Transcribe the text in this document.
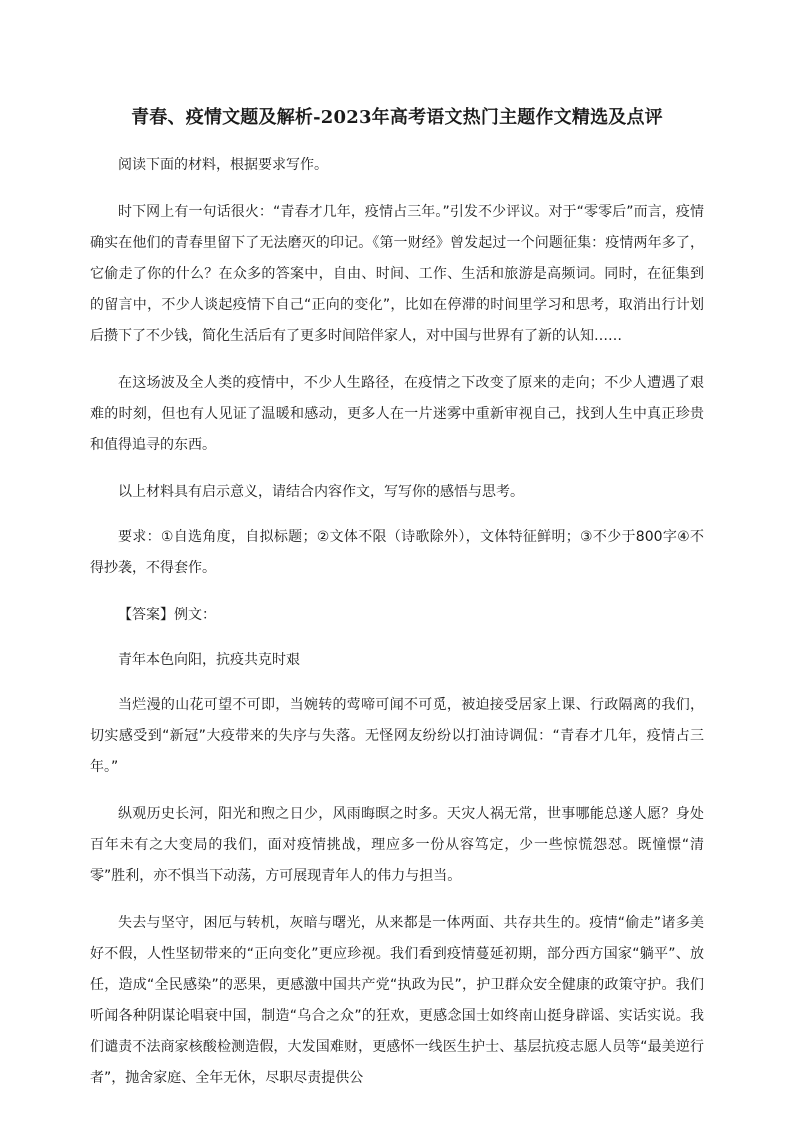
青春、疫情文题及解析-2023年高考语文热门主题作文精选及点评

阅读下面的材料，根据要求写作。

时下网上有一句话很火：“青春才几年，疫情占三年。”引发不少评议。对于“零零后”而言，疫情确实在他们的青春里留下了无法磨灭的印记。《第一财经》曾发起过一个问题征集：疫情两年多了，它偷走了你的什么？在众多的答案中，自由、时间、工作、生活和旅游是高频词。同时，在征集到的留言中，不少人谈起疫情下自己“正向的变化”，比如在停滞的时间里学习和思考，取消出行计划后攒下了不少钱，简化生活后有了更多时间陪伴家人，对中国与世界有了新的认知……

在这场波及全人类的疫情中，不少人生路径，在疫情之下改变了原来的走向；不少人遭遇了艰难的时刻，但也有人见证了温暖和感动，更多人在一片迷雾中重新审视自己，找到人生中真正珍贵和值得追寻的东西。

以上材料具有启示意义，请结合内容作文，写写你的感悟与思考。

要求：①自选角度，自拟标题；②文体不限（诗歌除外），文体特征鲜明；③不少于800字④不得抄袭，不得套作。

【答案】例文：

青年本色向阳，抗疫共克时艰

当烂漫的山花可望不可即，当婉转的莺啼可闻不可觅，被迫接受居家上课、行政隔离的我们，切实感受到“新冠”大疫带来的失序与失落。无怪网友纷纷以打油诗调侃：“青春才几年，疫情占三年。”

纵观历史长河，阳光和煦之日少，风雨晦暝之时多。天灾人祸无常，世事哪能总遂人愿？身处百年未有之大变局的我们，面对疫情挑战，理应多一份从容笃定，少一些惊慌怨怼。既憧憬“清零”胜利，亦不惧当下动荡，方可展现青年人的伟力与担当。

失去与坚守，困厄与转机，灰暗与曙光，从来都是一体两面、共存共生的。疫情“偷走”诸多美好不假，人性坚韧带来的“正向变化”更应珍视。我们看到疫情蔓延初期，部分西方国家“躺平”、放任，造成“全民感染”的恶果，更感激中国共产党“执政为民”，护卫群众安全健康的政策守护。我们听闻各种阴谋论唱衰中国，制造“乌合之众”的狂欢，更感念国士如终南山挺身辟谣、实话实说。我们谴责不法商家核酸检测造假，大发国难财，更感怀一线医生护士、基层抗疫志愿人员等“最美逆行者”，抛舍家庭、全年无休，尽职尽责提供公
